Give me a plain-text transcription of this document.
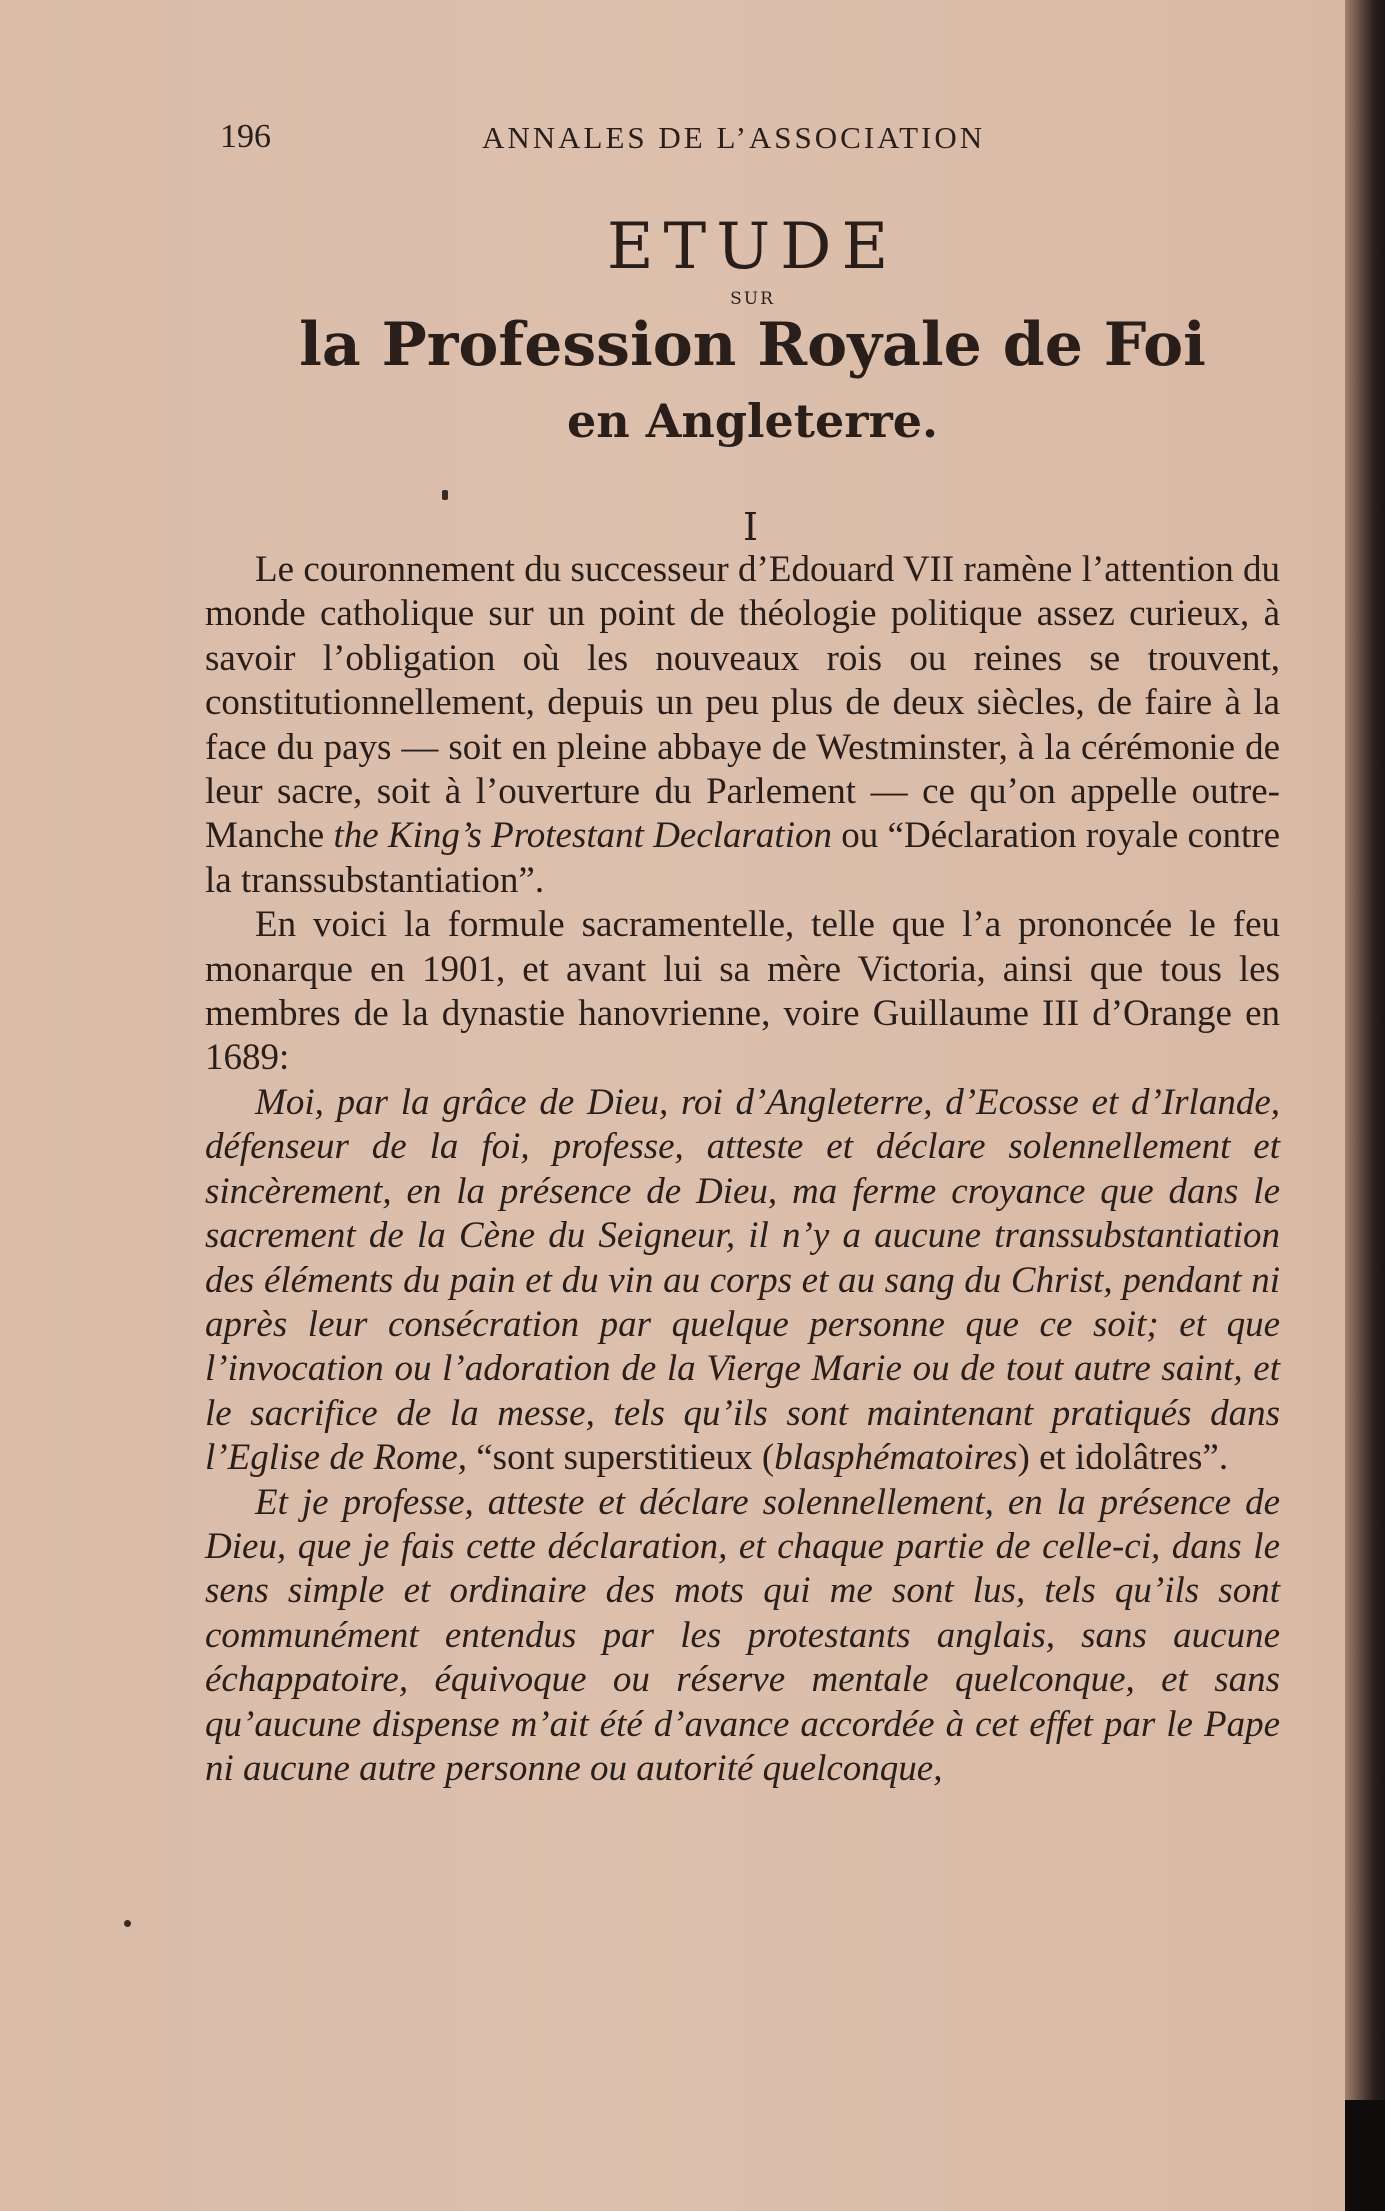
196	ANNALES DE L’ASSOCIATION
ETUDE
SUR
la Profession Royale de Foi
en Angleterre.
I

Le couronnement du successeur d’Edouard VII ramène l’attention du monde catholique sur un point de théologie politique assez curieux, à savoir l’obligation où les nouveaux rois ou reines se trouvent, constitutionnellement, depuis un peu plus de deux siècles, de faire à la face du pays — soit en pleine abbaye de Westminster, à la cérémonie de leur sacre, soit à l’ouverture du Parlement — ce qu’on appelle outre-Manche the King’s Protestant Declaration ou “Déclaration royale contre la transsubstantiation”.

En voici la formule sacramentelle, telle que l’a prononcée le feu monarque en 1901, et avant lui sa mère Victoria, ainsi que tous les membres de la dynastie hanovrienne, voire Guillaume III d’Orange en 1689:

Moi, par la grâce de Dieu, roi d’Angleterre, d’Ecosse et d’Irlande, défenseur de la foi, professe, atteste et déclare solennellement et sincèrement, en la présence de Dieu, ma ferme croyance que dans le sacrement de la Cène du Seigneur, il n’y a aucune transsubstantiation des éléments du pain et du vin au corps et au sang du Christ, pendant ni après leur consécration par quelque personne que ce soit; et que l’invocation ou l’adoration de la Vierge Marie ou de tout autre saint, et le sacrifice de la messe, tels qu’ils sont maintenant pratiqués dans l’Eglise de Rome, “sont superstitieux (blasphématoires) et idolâtres”.

Et je professe, atteste et déclare solennellement, en la présence de Dieu, que je fais cette déclaration, et chaque partie de celle-ci, dans le sens simple et ordinaire des mots qui me sont lus, tels qu’ils sont communément entendus par les protestants anglais, sans aucune échappatoire, équivoque ou réserve mentale quelconque, et sans qu’aucune dispense m’ait été d’avance accordée à cet effet par le Pape ni aucune autre personne ou autorité quelconque,
